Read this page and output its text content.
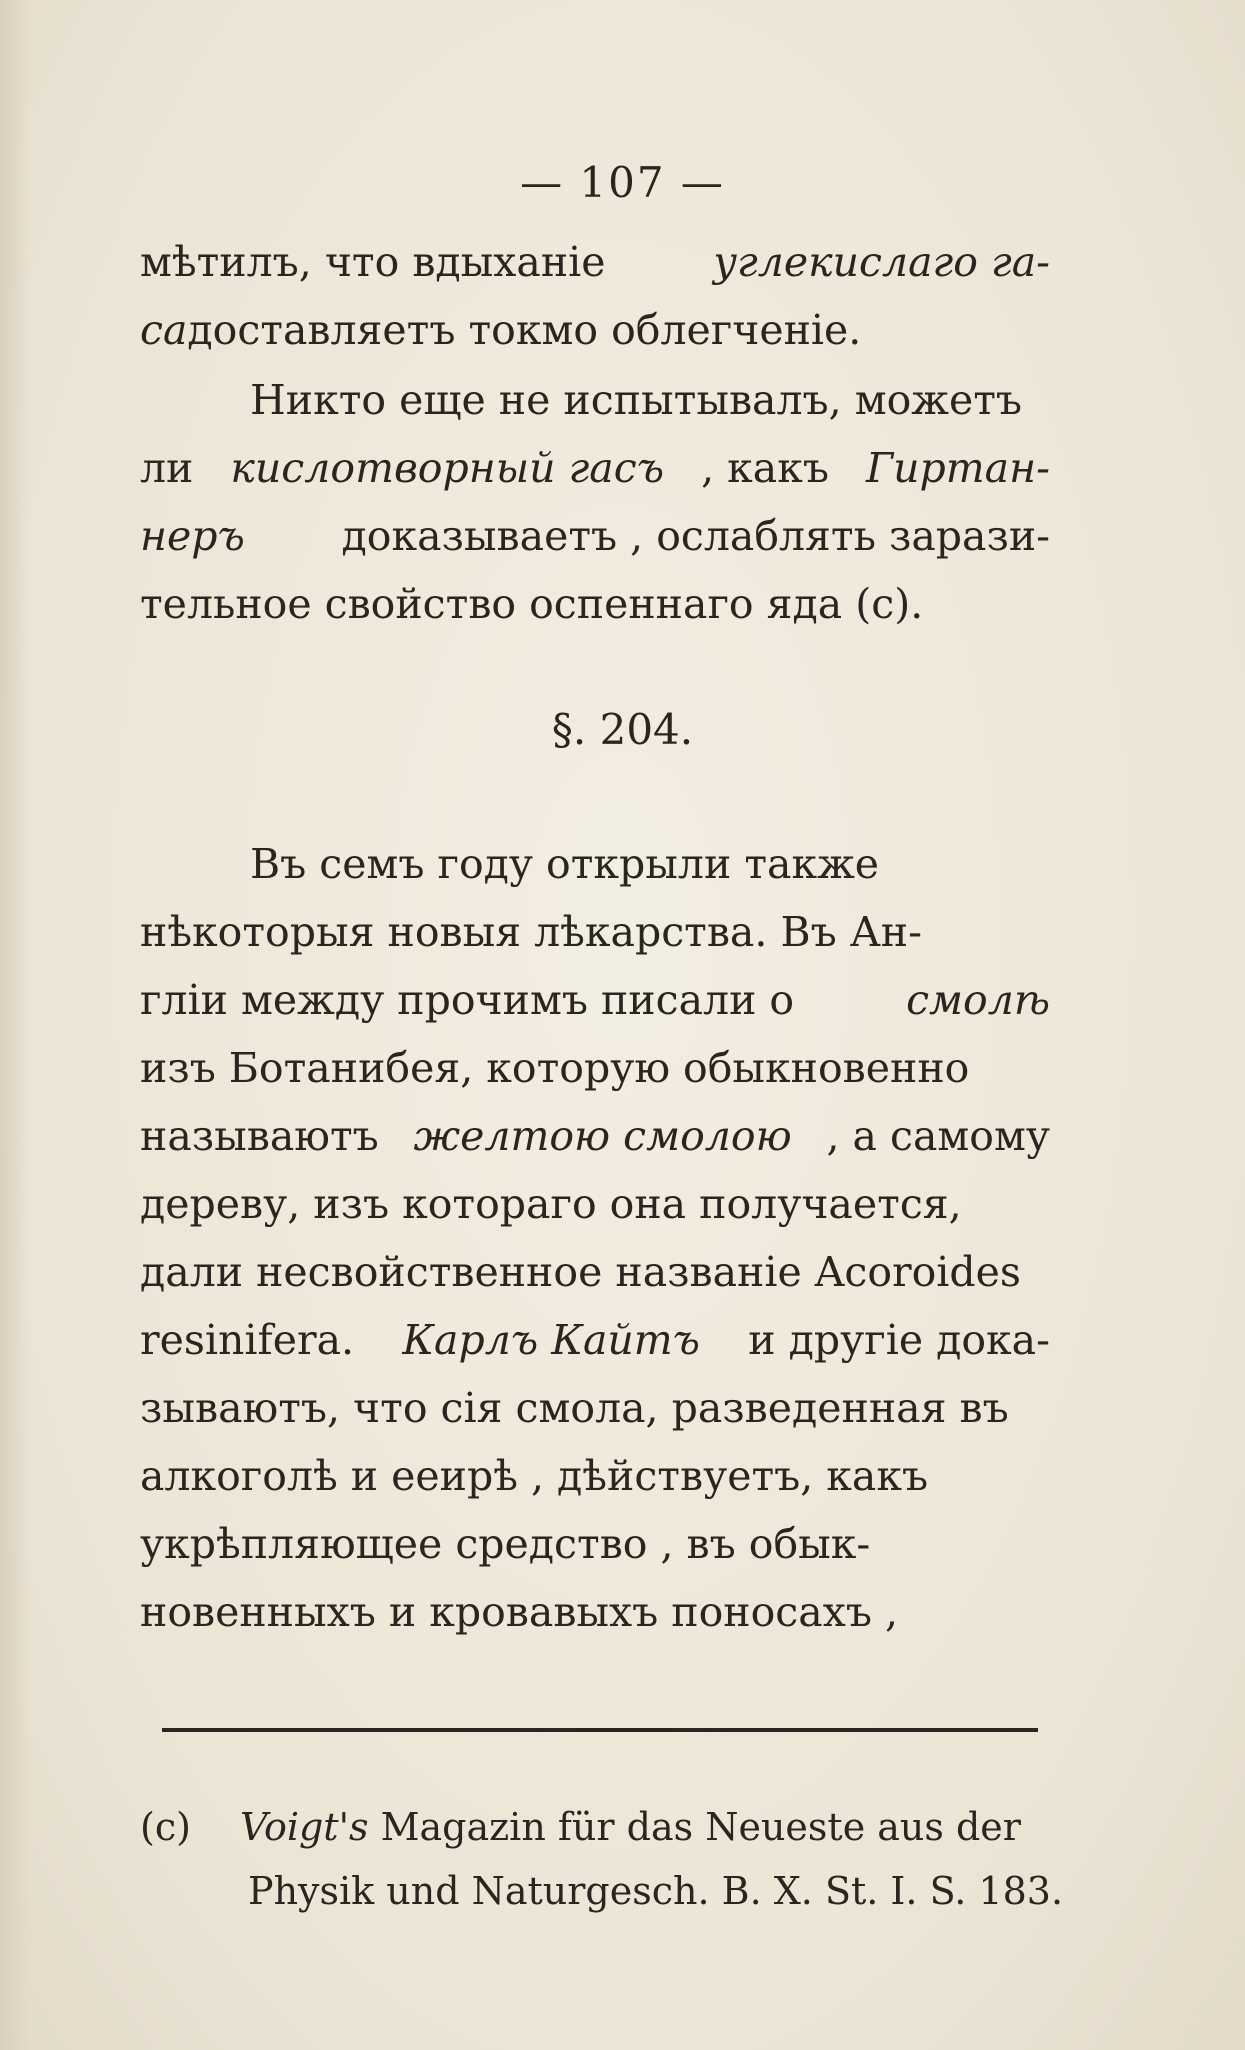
— 107 —
мѣтилъ, что вдыханіе	углекислаго га-
са доставляетъ токмо облегченіе.
Никто еще не испытывалъ, можетъ
ли кислотворный гасъ , какъ Гиртан-
неръ доказываетъ , ослаблять зарази-
тельное свойство оспеннаго яда (с).
§. 204.
Въ семъ году открыли также
нѣкоторыя новыя лѣкарства. Въ Ан-
гліи между прочимъ писали о	смолѣ
изъ Ботанибея, которую обыкновенно
называютъ желтою смолою , а самому
дереву, изъ котораго она получается,
дали несвойственное названіе Acoroides
resinifera. Карлъ Кайтъ и другіе дока-
зываютъ, что сія смола, разведенная въ
алкоголѣ и ееирѣ , дѣйствуетъ, какъ
укрѣпляющее средство , въ обык-
новенныхъ и кровавыхъ поносахъ ,
(c)	Voigt's Magazin für das Neueste aus der
Physik und Naturgesch. B. X. St. I. S. 183.
